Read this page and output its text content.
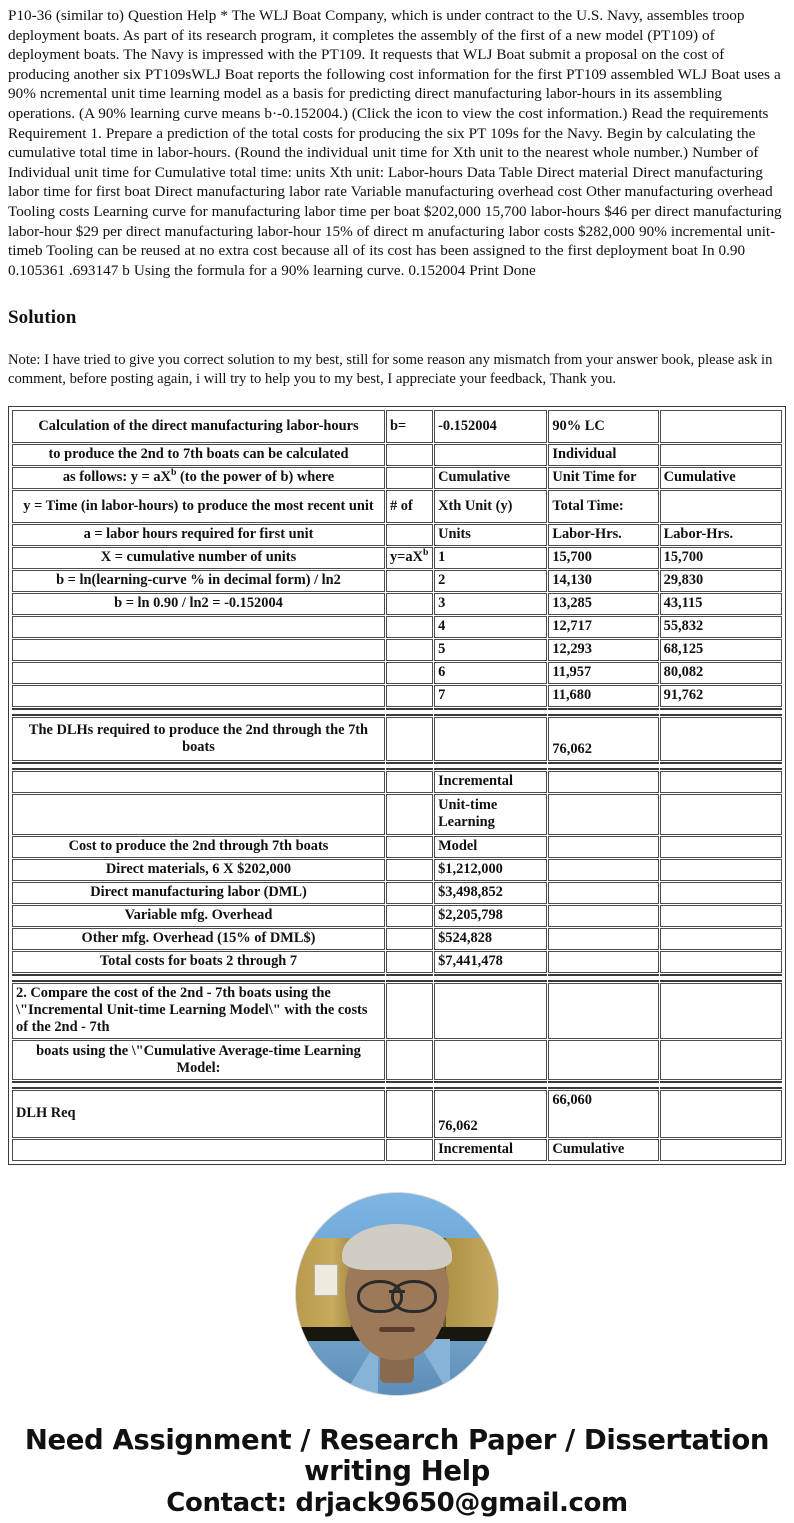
P10-36 (similar to) Question Help * The WLJ Boat Company, which is under contract to the U.S. Navy, assembles troop deployment boats. As part of its research program, it completes the assembly of the first of a new model (PT109) of deployment boats. The Navy is impressed with the PT109. It requests that WLJ Boat submit a proposal on the cost of producing another six PT109sWLJ Boat reports the following cost information for the first PT109 assembled WLJ Boat uses a 90% ncremental unit time learning model as a basis for predicting direct manufacturing labor-hours in its assembling operations. (A 90% learning curve means b·-0.152004.) (Click the icon to view the cost information.) Read the requirements Requirement 1. Prepare a prediction of the total costs for producing the six PT 109s for the Navy. Begin by calculating the cumulative total time in labor-hours. (Round the individual unit time for Xth unit to the nearest whole number.) Number of Individual unit time for Cumulative total time: units Xth unit: Labor-hours Data Table Direct material Direct manufacturing labor time for first boat Direct manufacturing labor rate Variable manufacturing overhead cost Other manufacturing overhead Tooling costs Learning curve for manufacturing labor time per boat $202,000 15,700 labor-hours $46 per direct manufacturing labor-hour $29 per direct manufacturing labor-hour 15% of direct m anufacturing labor costs $282,000 90% incremental unit-timeb Tooling can be reused at no extra cost because all of its cost has been assigned to the first deployment boat In 0.90 0.105361 .693147 b Using the formula for a 90% learning curve. 0.152004 Print Done

Solution

Note: I have tried to give you correct solution to my best, still for some reason any mismatch from your answer book, please ask in comment, before posting again, i will try to help you to my best, I appreciate your feedback, Thank you.

Calculation of the direct manufacturing labor-hours	b=	-0.152004	90% LC	
to produce the 2nd to 7th boats can be calculated			Individual	
as follows: $y = aX^b$ (to the power of b) where		Cumulative	Unit Time for	Cumulative
y = Time (in labor-hours) to produce the most recent unit	# of	Xth Unit (y)	Total Time:	
a = labor hours required for first unit		Units	Labor-Hrs.	Labor-Hrs.
X = cumulative number of units	$y=aX^b$	1	15,700	15,700
b = ln(learning-curve % in decimal form) / ln2		2	14,130	29,830
b = ln 0.90 / ln2 = -0.152004		3	13,285	43,115
		4	12,717	55,832
		5	12,293	68,125
		6	11,957	80,082
		7	11,680	91,762

The DLHs required to produce the 2nd through the 7th boats			76,062	

		Incremental		
		Unit-time Learning		
Cost to produce the 2nd through 7th boats		Model		
Direct materials, 6 X $202,000		$1,212,000		
Direct manufacturing labor (DML)		$3,498,852		
Variable mfg. Overhead		$2,205,798		
Other mfg. Overhead (15% of DML$)		$524,828		
Total costs for boats 2 through 7		$7,441,478		

2. Compare the cost of the 2nd - 7th boats using the \"Incremental Unit-time Learning Model\" with the costs of the 2nd - 7th				
boats using the \"Cumulative Average-time Learning Model:				

DLH Req		76,062	66,060	
		Incremental	Cumulative	
Need Assignment / Research Paper / Dissertation
writing Help
Contact: drjack9650@gmail.com
